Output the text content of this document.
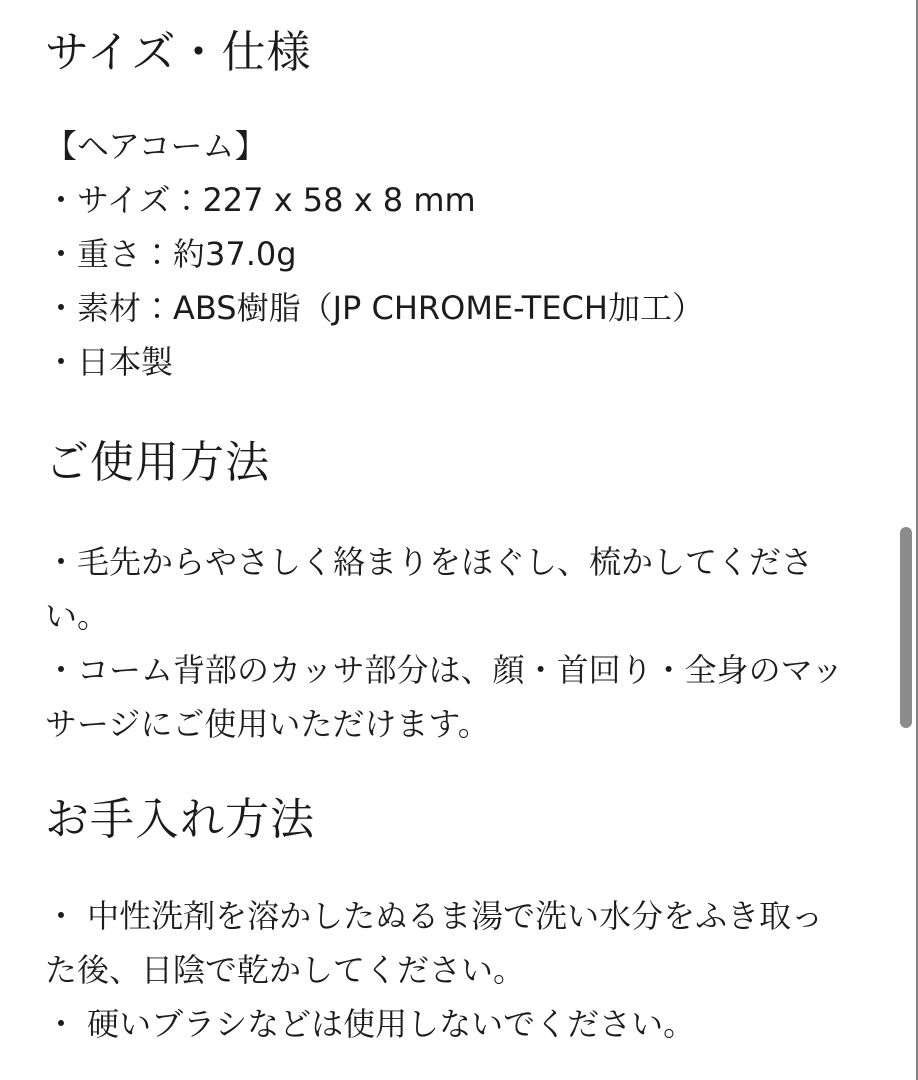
サイズ・仕様

【ヘアコーム】

・サイズ：227 x 58 x 8 mm

・重さ：約37.0g

・素材：ABS樹脂（JP CHROME-TECH加工）

・日本製

ご使用方法

・毛先からやさしく絡まりをほぐし、梳かしてください。

・コーム背部のカッサ部分は、顔・首回り・全身のマッサージにご使用いただけます。

お手入れ方法

・ 中性洗剤を溶かしたぬるま湯で洗い水分をふき取った後、日陰で乾かしてください。

・ 硬いブラシなどは使用しないでください。
